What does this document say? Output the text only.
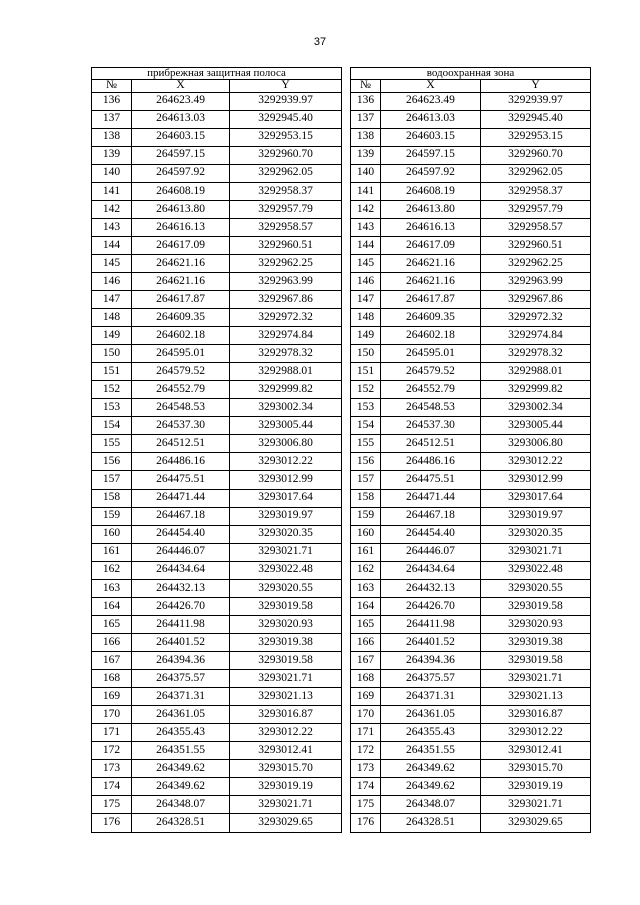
37
прибрежная защитная полоса		
№	X	Y
136	264623.49	3292939.97
137	264613.03	3292945.40
138	264603.15	3292953.15
139	264597.15	3292960.70
140	264597.92	3292962.05
141	264608.19	3292958.37
142	264613.80	3292957.79
143	264616.13	3292958.57
144	264617.09	3292960.51
145	264621.16	3292962.25
146	264621.16	3292963.99
147	264617.87	3292967.86
148	264609.35	3292972.32
149	264602.18	3292974.84
150	264595.01	3292978.32
151	264579.52	3292988.01
152	264552.79	3292999.82
153	264548.53	3293002.34
154	264537.30	3293005.44
155	264512.51	3293006.80
156	264486.16	3293012.22
157	264475.51	3293012.99
158	264471.44	3293017.64
159	264467.18	3293019.97
160	264454.40	3293020.35
161	264446.07	3293021.71
162	264434.64	3293022.48
163	264432.13	3293020.55
164	264426.70	3293019.58
165	264411.98	3293020.93
166	264401.52	3293019.38
167	264394.36	3293019.58
168	264375.57	3293021.71
169	264371.31	3293021.13
170	264361.05	3293016.87
171	264355.43	3293012.22
172	264351.55	3293012.41
173	264349.62	3293015.70
174	264349.62	3293019.19
175	264348.07	3293021.71
176	264328.51	3293029.65
водоохранная зона		
№	X	Y
136	264623.49	3292939.97
137	264613.03	3292945.40
138	264603.15	3292953.15
139	264597.15	3292960.70
140	264597.92	3292962.05
141	264608.19	3292958.37
142	264613.80	3292957.79
143	264616.13	3292958.57
144	264617.09	3292960.51
145	264621.16	3292962.25
146	264621.16	3292963.99
147	264617.87	3292967.86
148	264609.35	3292972.32
149	264602.18	3292974.84
150	264595.01	3292978.32
151	264579.52	3292988.01
152	264552.79	3292999.82
153	264548.53	3293002.34
154	264537.30	3293005.44
155	264512.51	3293006.80
156	264486.16	3293012.22
157	264475.51	3293012.99
158	264471.44	3293017.64
159	264467.18	3293019.97
160	264454.40	3293020.35
161	264446.07	3293021.71
162	264434.64	3293022.48
163	264432.13	3293020.55
164	264426.70	3293019.58
165	264411.98	3293020.93
166	264401.52	3293019.38
167	264394.36	3293019.58
168	264375.57	3293021.71
169	264371.31	3293021.13
170	264361.05	3293016.87
171	264355.43	3293012.22
172	264351.55	3293012.41
173	264349.62	3293015.70
174	264349.62	3293019.19
175	264348.07	3293021.71
176	264328.51	3293029.65
